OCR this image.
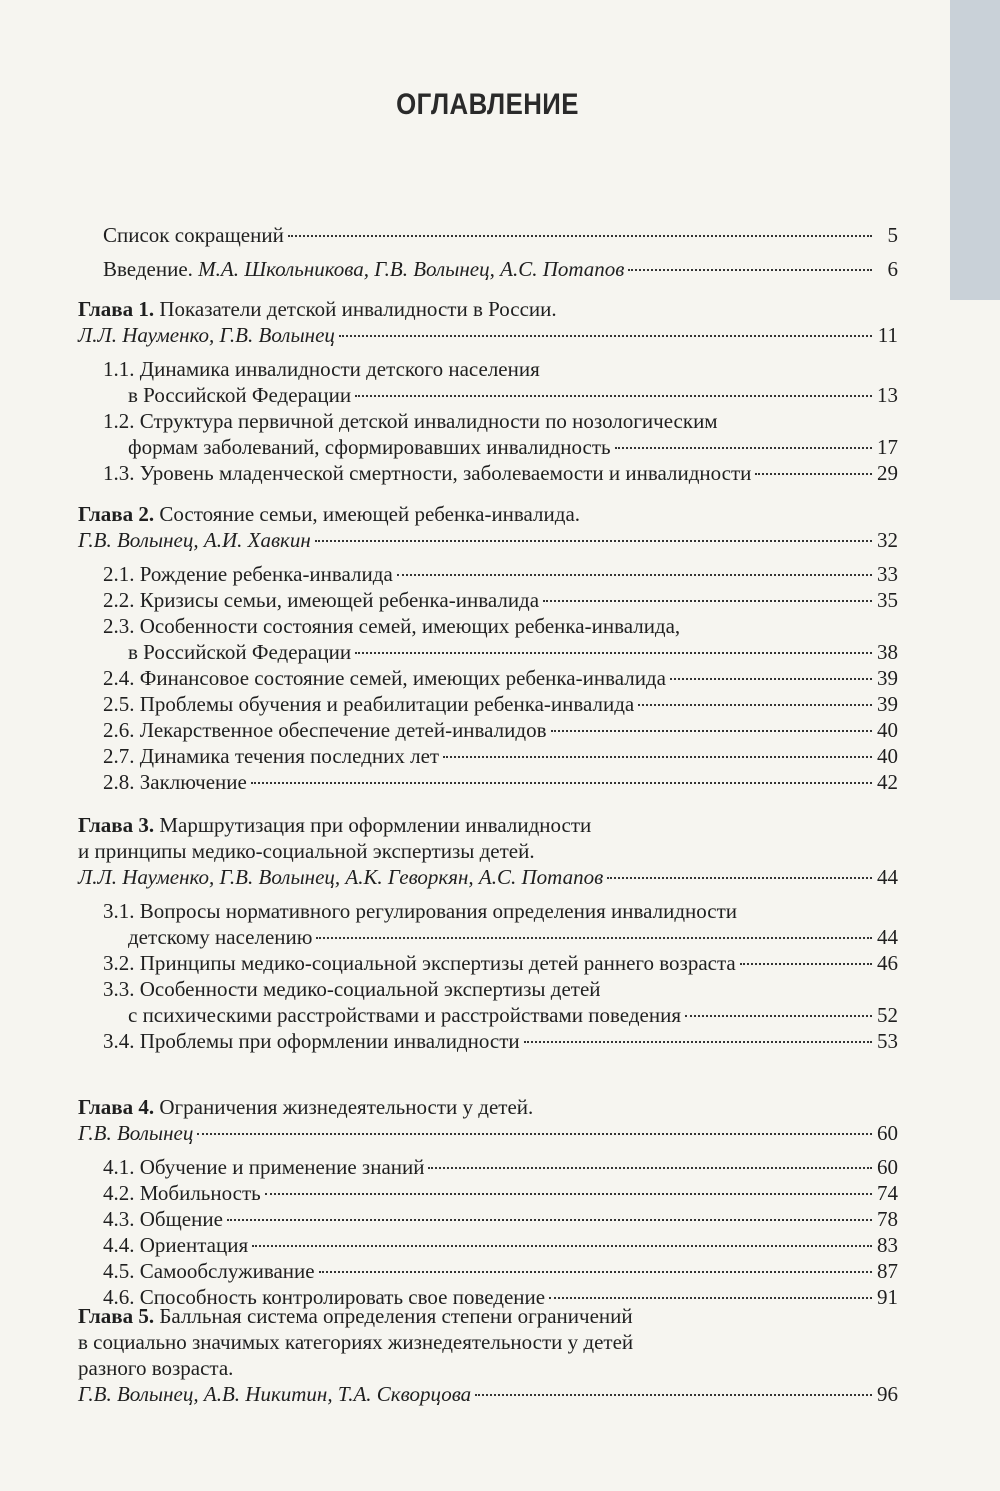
ОГЛАВЛЕНИЕ
Список сокращений	5
Введение. М.А. Школьникова, Г.В. Волынец, А.С. Потапов	6
Глава 1. Показатели детской инвалидности в России.
Л.Л. Науменко, Г.В. Волынец	11
1.1. Динамика инвалидности детского населения
в Российской Федерации	13
1.2. Структура первичной детской инвалидности по нозологическим
формам заболеваний, сформировавших инвалидность	17
1.3. Уровень младенческой смертности, заболеваемости и инвалидности	29
Глава 2. Состояние семьи, имеющей ребенка-инвалида.
Г.В. Волынец, А.И. Хавкин	32
2.1. Рождение ребенка-инвалида	33
2.2. Кризисы семьи, имеющей ребенка-инвалида	35
2.3. Особенности состояния семей, имеющих ребенка-инвалида,
в Российской Федерации	38
2.4. Финансовое состояние семей, имеющих ребенка-инвалида	39
2.5. Проблемы обучения и реабилитации ребенка-инвалида	39
2.6. Лекарственное обеспечение детей-инвалидов	40
2.7. Динамика течения последних лет	40
2.8. Заключение	42
Глава 3. Маршрутизация при оформлении инвалидности
и принципы медико-социальной экспертизы детей.
Л.Л. Науменко, Г.В. Волынец, А.К. Геворкян, А.С. Потапов	44
3.1. Вопросы нормативного регулирования определения инвалидности
детскому населению	44
3.2. Принципы медико-социальной экспертизы детей раннего возраста	46
3.3. Особенности медико-социальной экспертизы детей
с психическими расстройствами и расстройствами поведения	52
3.4. Проблемы при оформлении инвалидности	53
Глава 4. Ограничения жизнедеятельности у детей.
Г.В. Волынец	60
4.1. Обучение и применение знаний	60
4.2. Мобильность	74
4.3. Общение	78
4.4. Ориентация	83
4.5. Самообслуживание	87
4.6. Способность контролировать свое поведение	91
Глава 5. Балльная система определения степени ограничений
в социально значимых категориях жизнедеятельности у детей
разного возраста.
Г.В. Волынец, А.В. Никитин, Т.А. Скворцова	96
